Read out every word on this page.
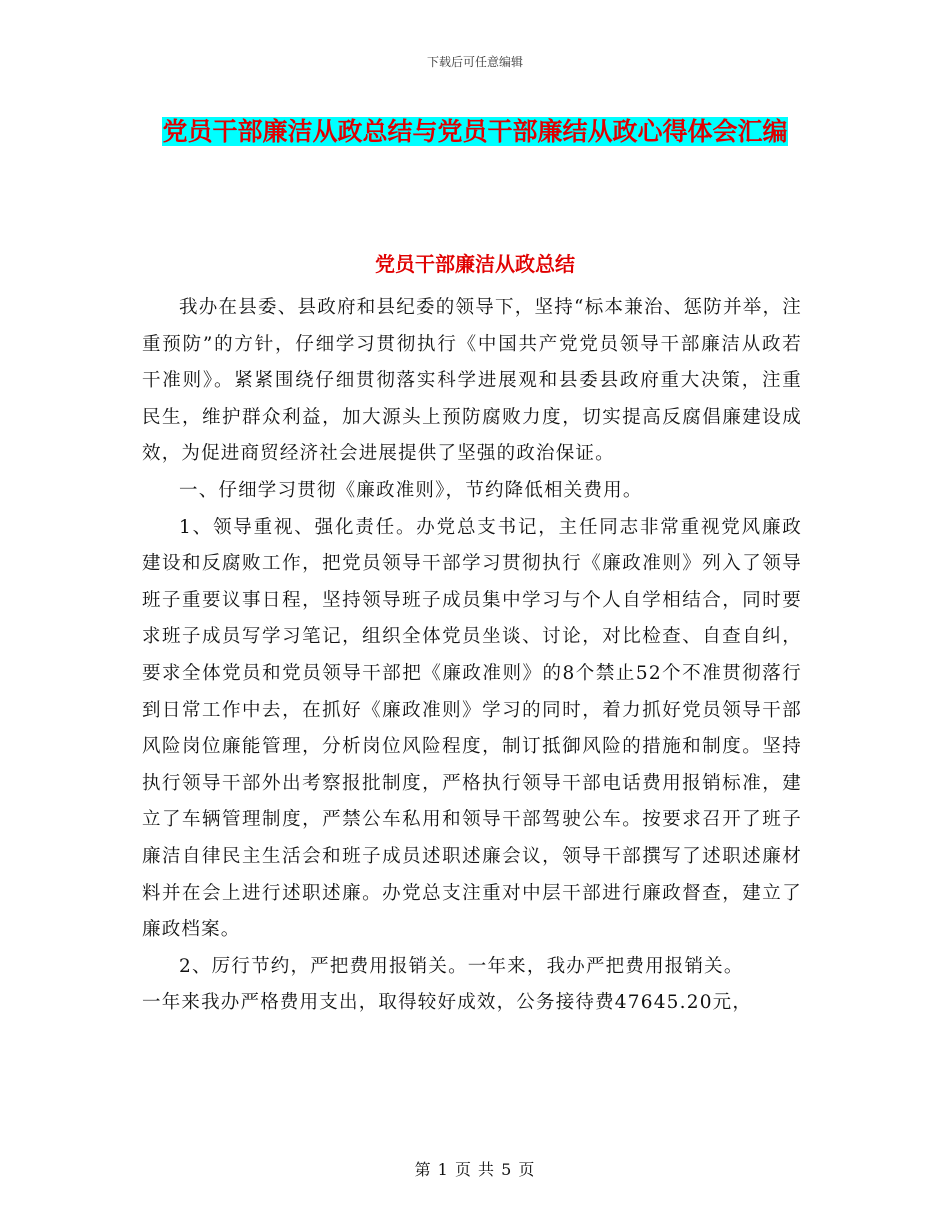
下载后可任意编辑
党员干部廉洁从政总结与党员干部廉结从政心得体会汇编
党员干部廉洁从政总结

我办在县委、县政府和县纪委的领导下，坚持“标本兼治、惩防并举，注重预防”的方针，仔细学习贯彻执行《中国共产党党员领导干部廉洁从政若干准则》。紧紧围绕仔细贯彻落实科学进展观和县委县政府重大决策，注重民生，维护群众利益，加大源头上预防腐败力度，切实提高反腐倡廉建设成效，为促进商贸经济社会进展提供了坚强的政治保证。

一、仔细学习贯彻《廉政准则》，节约降低相关费用。

1、领导重视、强化责任。办党总支书记，主任同志非常重视党风廉政建设和反腐败工作，把党员领导干部学习贯彻执行《廉政准则》列入了领导班子重要议事日程，坚持领导班子成员集中学习与个人自学相结合，同时要求班子成员写学习笔记，组织全体党员坐谈、讨论，对比检查、自查自纠，要求全体党员和党员领导干部把《廉政准则》的8个禁止52个不准贯彻落行到日常工作中去，在抓好《廉政准则》学习的同时，着力抓好党员领导干部风险岗位廉能管理，分析岗位风险程度，制订抵御风险的措施和制度。坚持执行领导干部外出考察报批制度，严格执行领导干部电话费用报销标准，建立了车辆管理制度，严禁公车私用和领导干部驾驶公车。按要求召开了班子廉洁自律民主生活会和班子成员述职述廉会议，领导干部撰写了述职述廉材料并在会上进行述职述廉。办党总支注重对中层干部进行廉政督查，建立了廉政档案。

2、厉行节约，严把费用报销关。一年来，我办严把费用报销关。

一年来我办严格费用支出，取得较好成效，公务接待费47645.20元，

第 1 页 共 5 页
